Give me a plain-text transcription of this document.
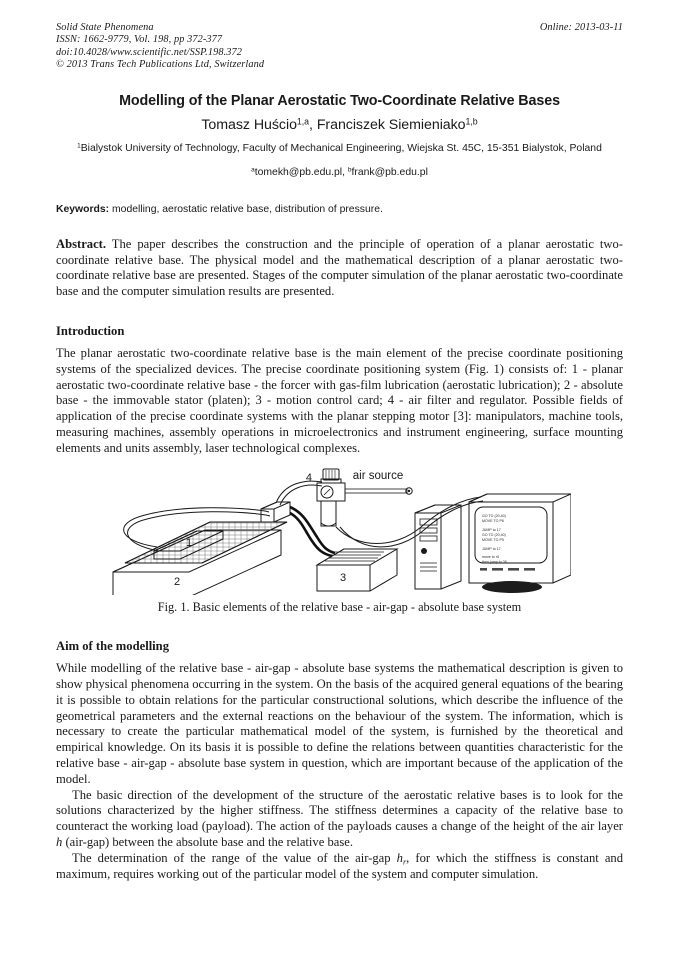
Solid State Phenomena
ISSN: 1662-9779, Vol. 198, pp 372-377
doi:10.4028/www.scientific.net/SSP.198.372
© 2013 Trans Tech Publications Ltd, Switzerland
Online: 2013-03-11
Modelling of the Planar Aerostatic Two-Coordinate Relative Bases
Tomasz Huścio$^{1,a}$, Franciszek Siemieniako$^{1,b}$
$^1$Bialystok University of Technology, Faculty of Mechanical Engineering, Wiejska St. 45C, 15-351 Bialystok, Poland
$^a$tomekh@pb.edu.pl, $^b$frank@pb.edu.pl
Keywords: modelling, aerostatic relative base, distribution of pressure.
Abstract. The paper describes the construction and the principle of operation of a planar aerostatic two-coordinate relative base. The physical model and the mathematical description of a planar aerostatic two-coordinate relative base are presented. Stages of the computer simulation of the planar aerostatic two-coordinate base and the computer simulation results are presented.
Introduction

The planar aerostatic two-coordinate relative base is the main element of the precise coordinate positioning systems of the specialized devices. The precise coordinate positioning system (Fig. 1) consists of: 1 - planar aerostatic two-coordinate relative base - the forcer with gas-film lubrication (aerostatic lubrication); 2 - absolute base - the immovable stator (platen); 3 - motion control card; 4 - air filter and regulator. Possible fields of application of the precise coordinate systems with the planar stepping motor [3]: manipulators, machine tools, measuring machines, assembly operations in microelectronics and instrument engineering, surface mounting elements and units assembly, laser technological complexes.

1
2
4	air source
3
GO TO (20,40)
MOVE TO P6
JUMP to 17
GO TO (20,40)
MOVE TO P5
JUMP to 17
move to r5
then jump to 36
Fig. 1. Basic elements of the relative base - air-gap - absolute base system
Aim of the modelling

While modelling of the relative base - air-gap - absolute base systems the mathematical description is given to show physical phenomena occurring in the system. On the basis of the acquired general equations of the bearing it is possible to obtain relations for the particular constructional solutions, which describe the influence of the geometrical parameters and the external reactions on the behaviour of the system. The information, which is necessary to create the particular mathematical model of the system, is furnished by the theoretical and empirical knowledge. On its basis it is possible to define the relations between quantities characteristic for the relative base - air-gap - absolute base system in question, which are important because of the application of the model.

The basic direction of the development of the structure of the aerostatic relative bases is to look for the solutions characterized by the higher stiffness. The stiffness determines a capacity of the relative base to counteract the working load (payload). The action of the payloads causes a change of the height of the air layer h (air-gap) between the absolute base and the relative base.

The determination of the range of the value of the air-gap $h_r$, for which the stiffness is constant and maximum, requires working out of the particular model of the system and computer simulation.
